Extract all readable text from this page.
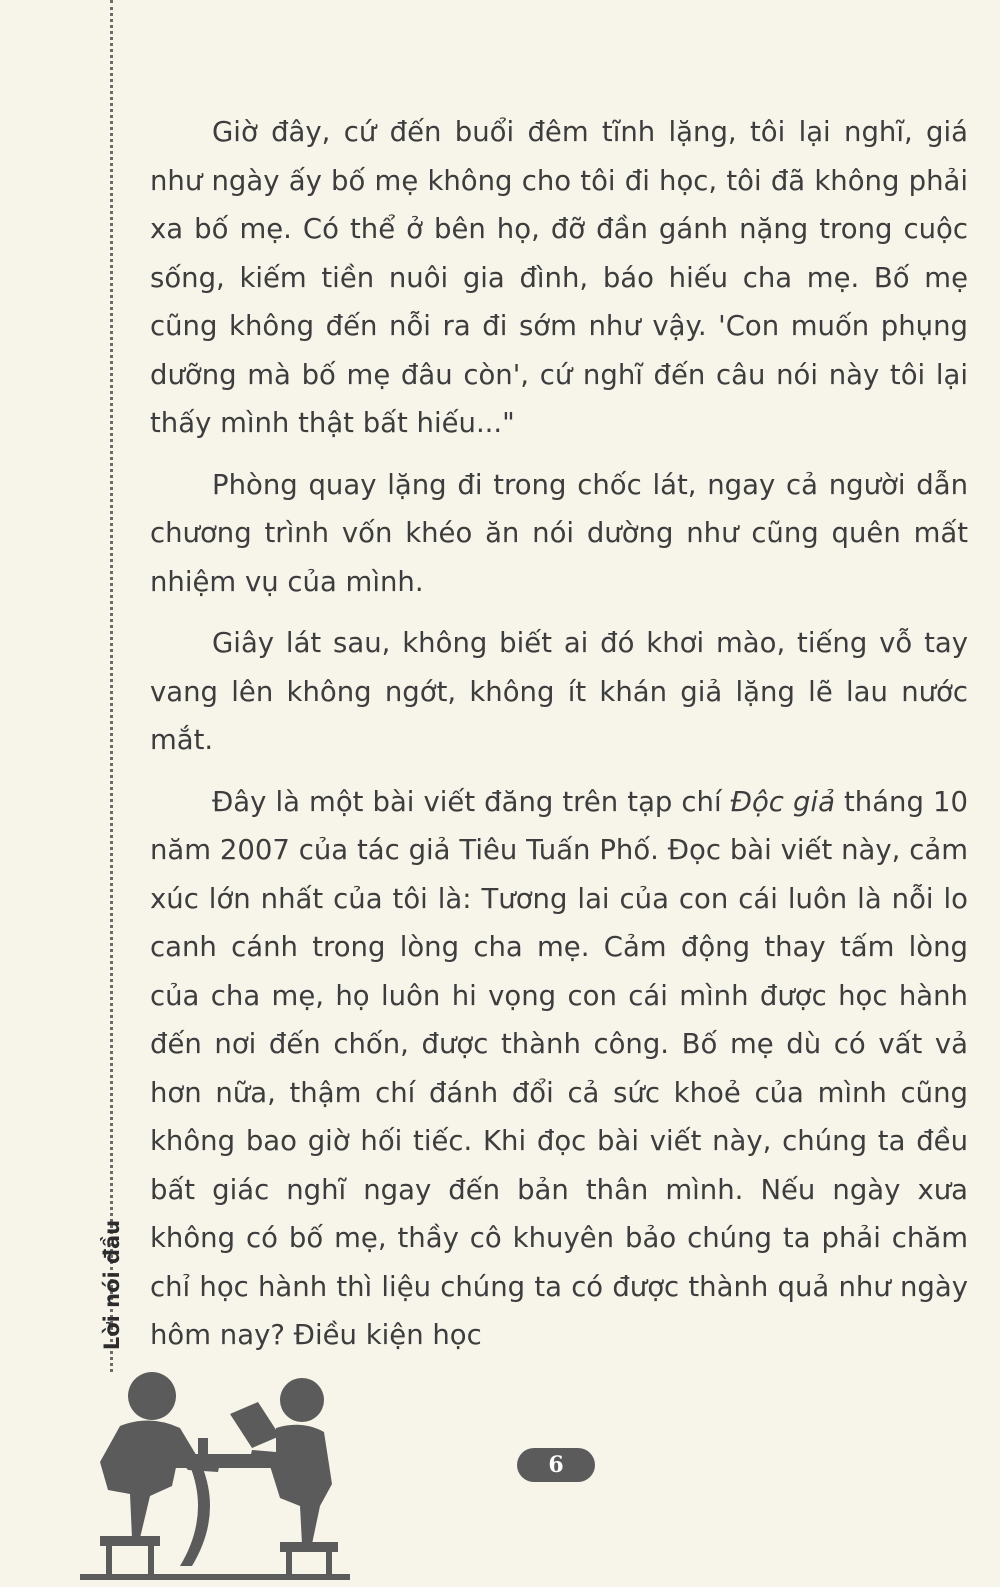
Lời nói đầu

Giờ đây, cứ đến buổi đêm tĩnh lặng, tôi lại nghĩ, giá như ngày ấy bố mẹ không cho tôi đi học, tôi đã không phải xa bố mẹ. Có thể ở bên họ, đỡ đần gánh nặng trong cuộc sống, kiếm tiền nuôi gia đình, báo hiếu cha mẹ. Bố mẹ cũng không đến nỗi ra đi sớm như vậy. 'Con muốn phụng dưỡng mà bố mẹ đâu còn', cứ nghĩ đến câu nói này tôi lại thấy mình thật bất hiếu..."

Phòng quay lặng đi trong chốc lát, ngay cả người dẫn chương trình vốn khéo ăn nói dường như cũng quên mất nhiệm vụ của mình.

Giây lát sau, không biết ai đó khơi mào, tiếng vỗ tay vang lên không ngớt, không ít khán giả lặng lẽ lau nước mắt.

Đây là một bài viết đăng trên tạp chí Độc giả tháng 10 năm 2007 của tác giả Tiêu Tuấn Phố. Đọc bài viết này, cảm xúc lớn nhất của tôi là: Tương lai của con cái luôn là nỗi lo canh cánh trong lòng cha mẹ. Cảm động thay tấm lòng của cha mẹ, họ luôn hi vọng con cái mình được học hành đến nơi đến chốn, được thành công. Bố mẹ dù có vất vả hơn nữa, thậm chí đánh đổi cả sức khoẻ của mình cũng không bao giờ hối tiếc. Khi đọc bài viết này, chúng ta đều bất giác nghĩ ngay đến bản thân mình. Nếu ngày xưa không có bố mẹ, thầy cô khuyên bảo chúng ta phải chăm chỉ học hành thì liệu chúng ta có được thành quả như ngày hôm nay? Điều kiện học

6
